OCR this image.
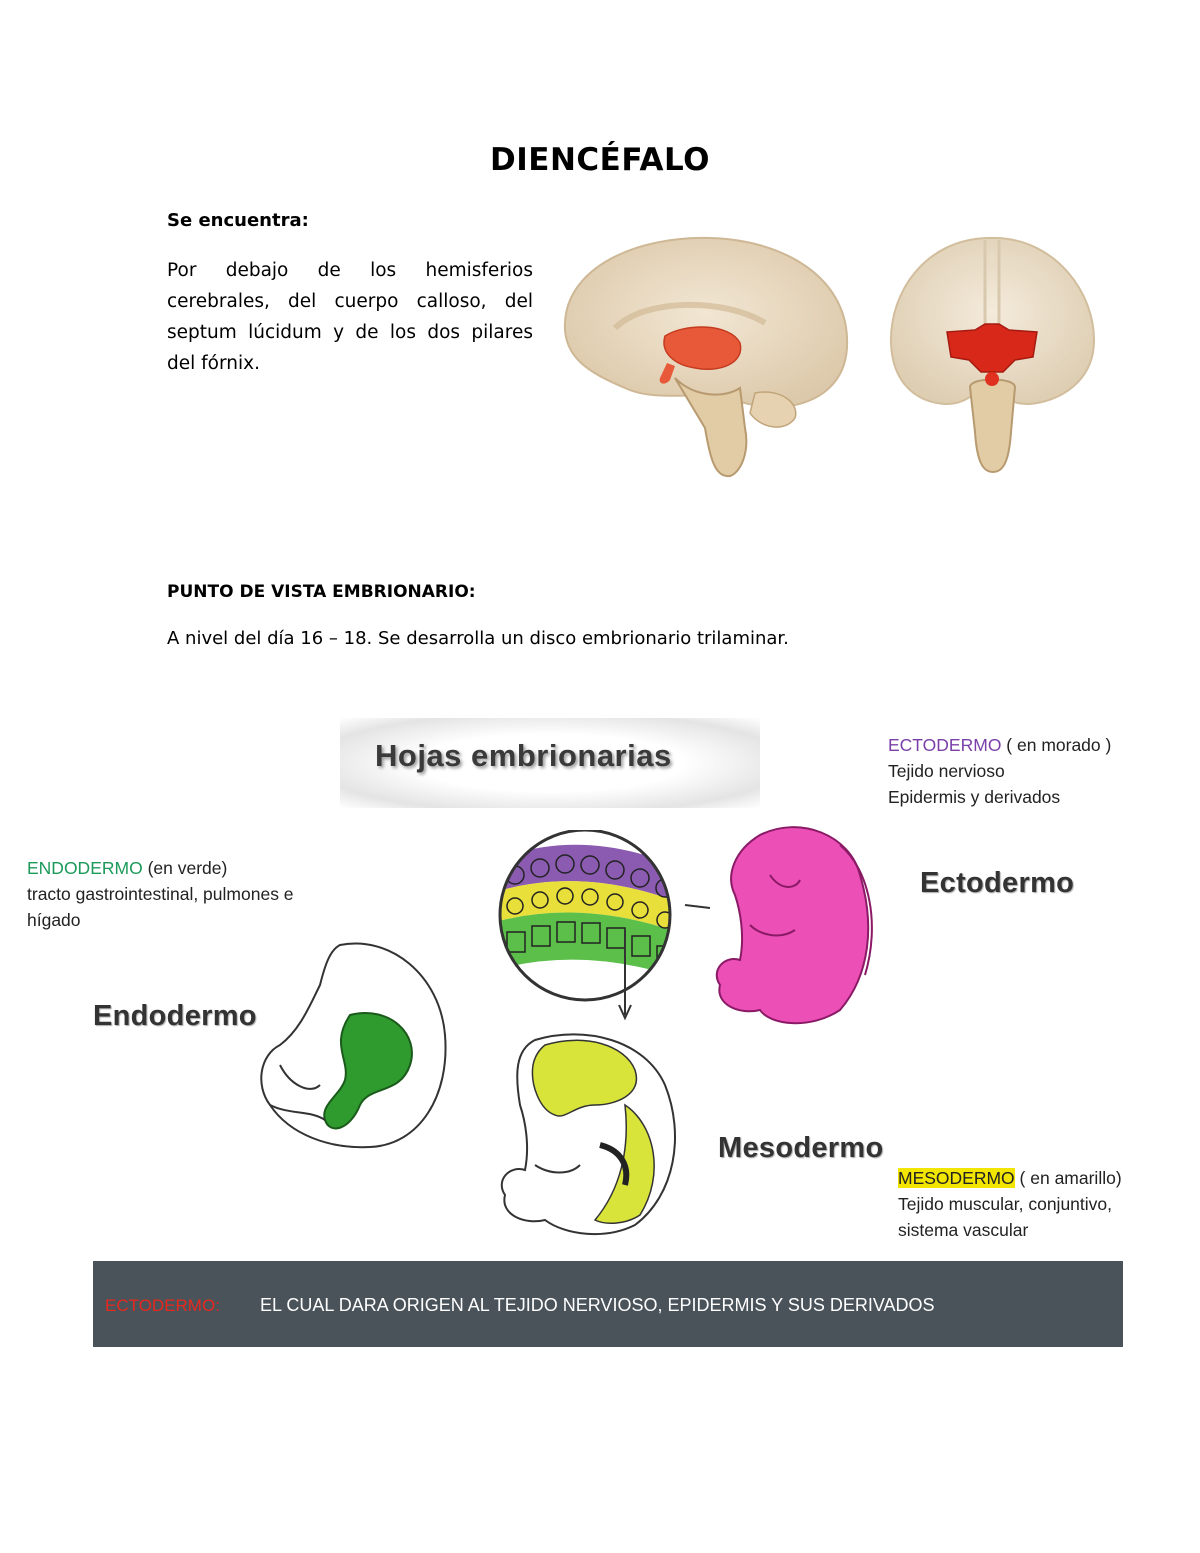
DIENCÉFALO
Se encuentra:
Por debajo de los hemisferios cerebrales, del cuerpo calloso, del septum lúcidum y de los dos pilares del fórnix.
PUNTO DE VISTA EMBRIONARIO:
A nivel del día 16 – 18. Se desarrolla un disco embrionario trilaminar.
Hojas embrionarias	ECTODERMO ( en morado )
Tejido nervioso
Epidermis y derivados
ENDODERMO (en verde)
tracto gastrointestinal, pulmones e
hígado
MESODERMO ( en amarillo)
Tejido muscular, conjuntivo,
sistema vascular
Ectodermo
Endodermo
Mesodermo
ECTODERMO: EL CUAL DARA ORIGEN AL TEJIDO NERVIOSO, EPIDERMIS Y SUS DERIVADOS
